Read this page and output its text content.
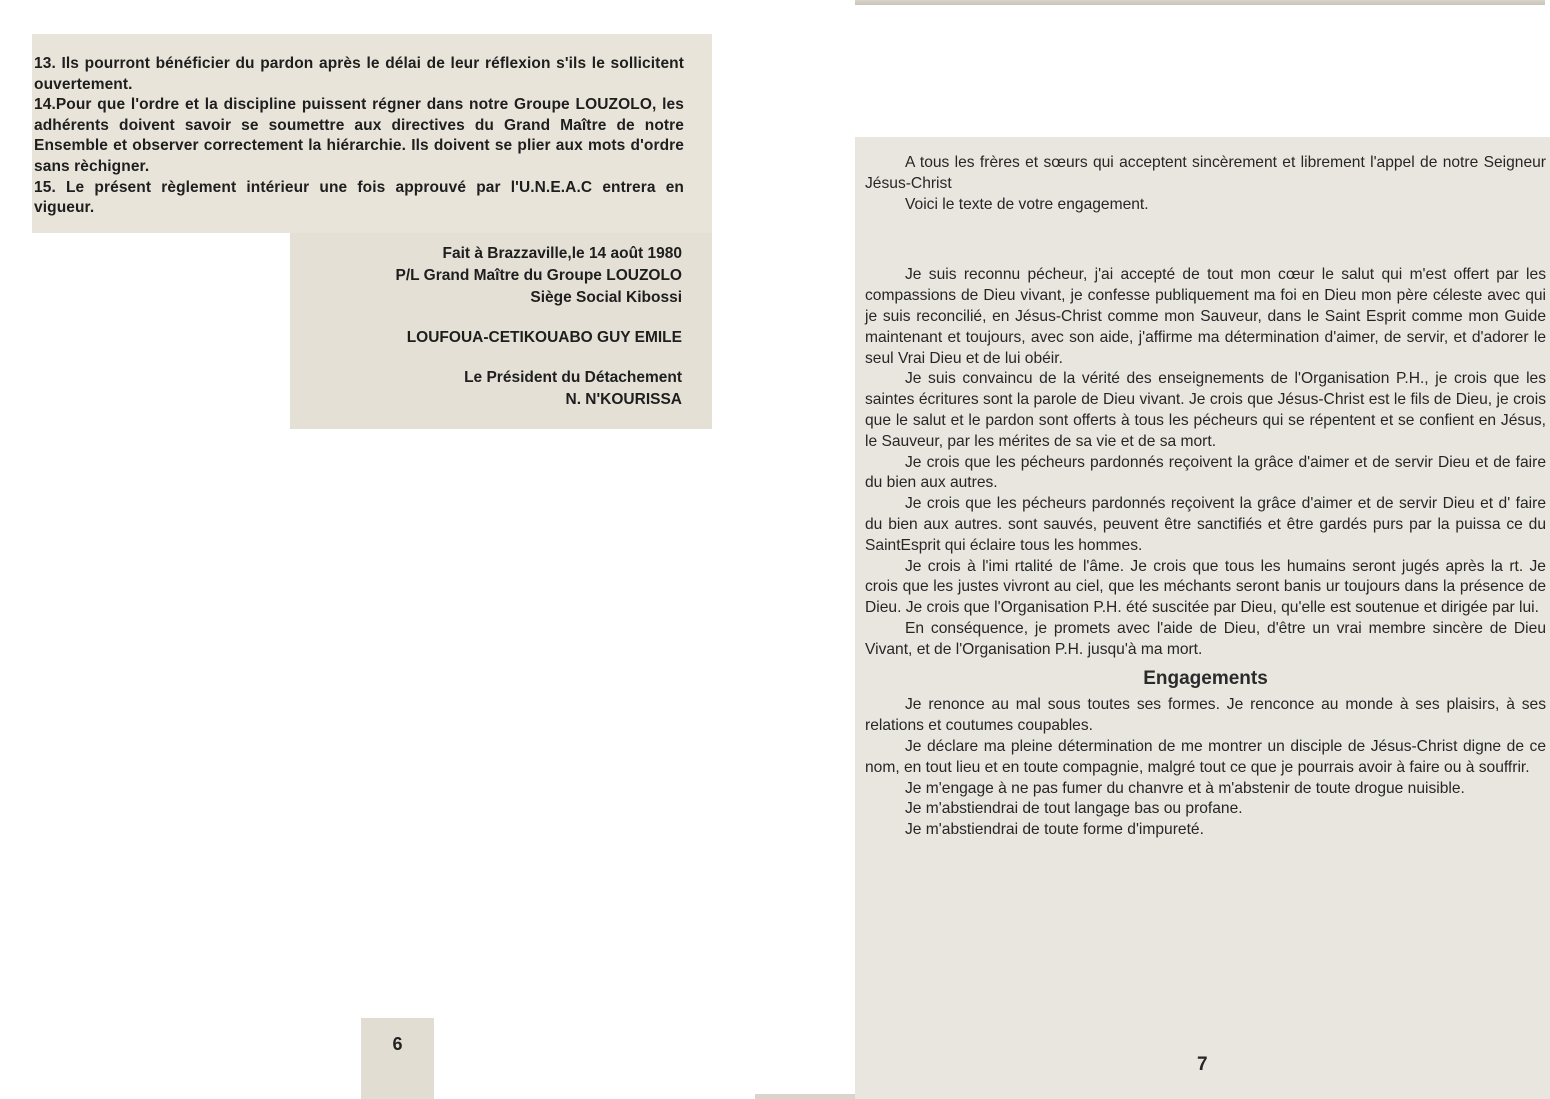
13. Ils pourront bénéficier du pardon après le délai de leur réflexion s'ils le sollicitent ouvertement.

14.Pour que l'ordre et la discipline puissent régner dans notre Groupe LOUZOLO, les adhérents doivent savoir se soumettre aux directives du Grand Maître de notre Ensemble et observer correctement la hiérarchie. Ils doivent se plier aux mots d'ordre sans rèchigner.

15. Le présent règlement intérieur une fois approuvé par l'U.N.E.A.C entrera en vigueur.

Fait à Brazzaville,le 14 août 1980
P/L Grand Maître du Groupe LOUZOLO
Siège Social Kibossi
LOUFOUA-CETIKOUABO GUY EMILE
Le Président du Détachement
N. N'KOURISSA
6

A tous les frères et sœurs qui acceptent sincèrement et librement l'appel de notre Seigneur Jésus-Christ

Voici le texte de votre engagement.

Je suis reconnu pécheur, j'ai accepté de tout mon cœur le salut qui m'est offert par les compassions de Dieu vivant, je confesse publiquement ma foi en Dieu mon père céleste avec qui je suis reconcilié, en Jésus-Christ comme mon Sauveur, dans le Saint Esprit comme mon Guide maintenant et toujours, avec son aide, j'affirme ma détermination d'aimer, de servir, et d'adorer le seul Vrai Dieu et de lui obéir.

Je suis convaincu de la vérité des enseignements de l'Organisation P.H., je crois que les saintes écritures sont la parole de Dieu vivant. Je crois que Jésus-Christ est le fils de Dieu, je crois que le salut et le pardon sont offerts à tous les pécheurs qui se répentent et se confient en Jésus, le Sauveur, par les mérites de sa vie et de sa mort.

Je crois que les pécheurs pardonnés reçoivent la grâce d'aimer et de servir Dieu et de faire du bien aux autres.

Je crois que les pécheurs pardonnés reçoivent la grâce d'aimer et de servir Dieu et d' faire du bien aux autres. sont sauvés, peuvent être sanctifiés et être gardés purs par la puissa ce du SaintEsprit qui éclaire tous les hommes.

Je crois à l'imi rtalité de l'âme. Je crois que tous les humains seront jugés après la rt. Je crois que les justes vivront au ciel, que les méchants seront banis ur toujours dans la présence de Dieu. Je crois que l'Organisation P.H. été suscitée par Dieu, qu'elle est soutenue et dirigée par lui.

En conséquence, je promets avec l'aide de Dieu, d'être un vrai membre sincère de Dieu Vivant, et de l'Organisation P.H. jusqu'à ma mort.

Engagements

Je renonce au mal sous toutes ses formes. Je renconce au monde à ses plaisirs, à ses relations et coutumes coupables.

Je déclare ma pleine détermination de me montrer un disciple de Jésus-Christ digne de ce nom, en tout lieu et en toute compagnie, malgré tout ce que je pourrais avoir à faire ou à souffrir.

Je m'engage à ne pas fumer du chanvre et à m'abstenir de toute drogue nuisible.

Je m'abstiendrai de tout langage bas ou profane.

Je m'abstiendrai de toute forme d'impureté.

7
